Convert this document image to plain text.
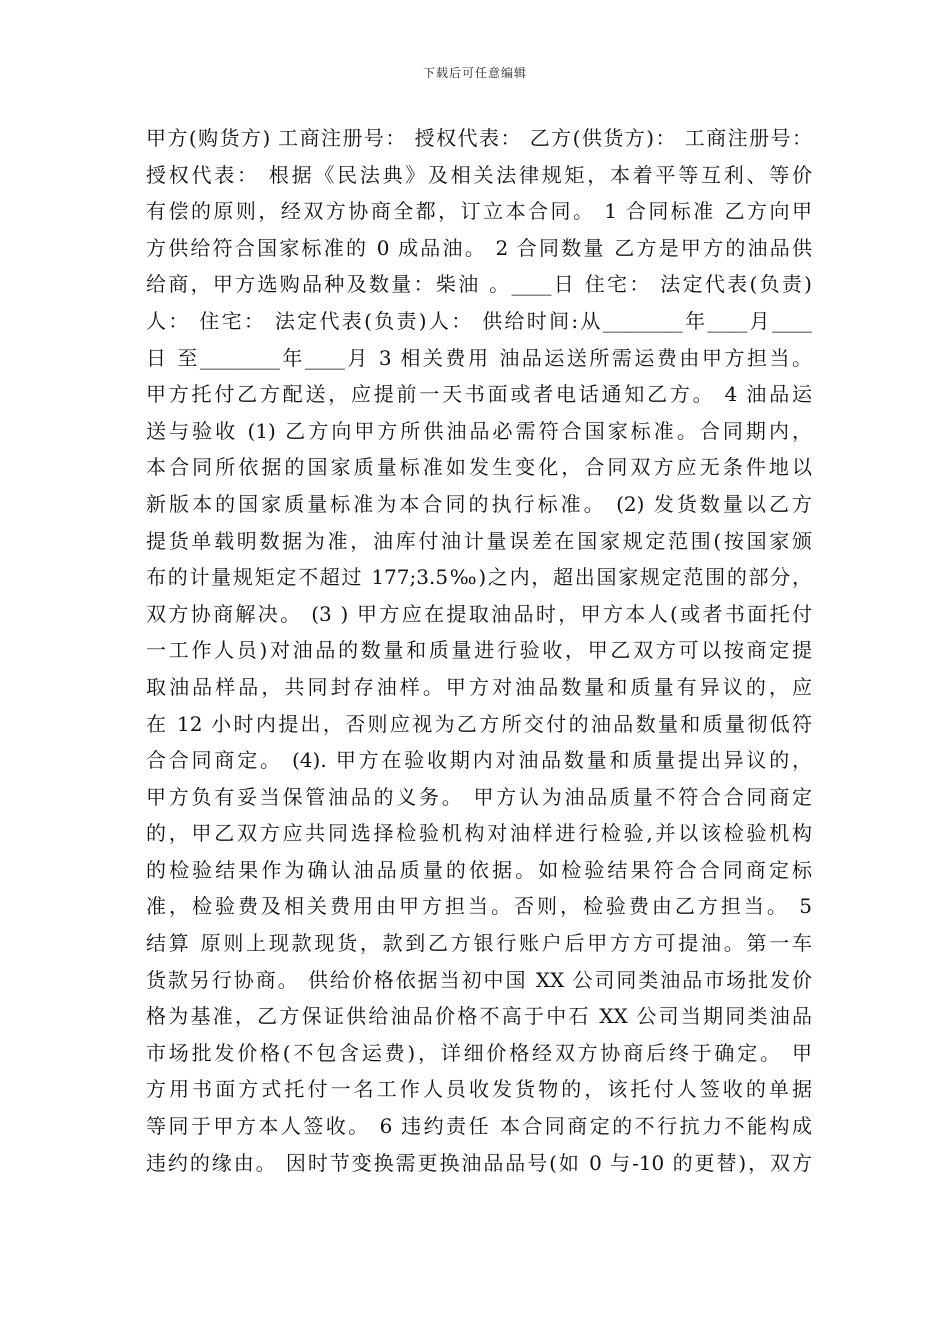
下载后可任意编辑
甲方(购货方) 工商注册号： 授权代表： 乙方(供货方)： 工商注册号：
授权代表： 根据《民法典》及相关法律规矩，本着平等互利、等价
有偿的原则，经双方协商全都，订立本合同。 1 合同标准 乙方向甲
方供给符合国家标准的 0 成品油。 2 合同数量 乙方是甲方的油品供
给商，甲方选购品种及数量：柴油 。____日 住宅： 法定代表(负责)
人： 住宅： 法定代表(负责)人： 供给时间:从________年____月____
日 至________年____月 3 相关费用 油品运送所需运费由甲方担当。
甲方托付乙方配送，应提前一天书面或者电话通知乙方。 4 油品运
送与验收 (1) 乙方向甲方所供油品必需符合国家标准。合同期内，
本合同所依据的国家质量标准如发生变化，合同双方应无条件地以
新版本的国家质量标准为本合同的执行标准。 (2) 发货数量以乙方
提货单载明数据为准，油库付油计量误差在国家规定范围(按国家颁
布的计量规矩定不超过 177;3.5‰)之内，超出国家规定范围的部分，
双方协商解决。 (3 ) 甲方应在提取油品时，甲方本人(或者书面托付
一工作人员)对油品的数量和质量进行验收，甲乙双方可以按商定提
取油品样品，共同封存油样。甲方对油品数量和质量有异议的，应
在 12 小时内提出，否则应视为乙方所交付的油品数量和质量彻低符
合合同商定。 (4). 甲方在验收期内对油品数量和质量提出异议的，
甲方负有妥当保管油品的义务。 甲方认为油品质量不符合合同商定
的，甲乙双方应共同选择检验机构对油样进行检验,并以该检验机构
的检验结果作为确认油品质量的依据。如检验结果符合合同商定标
准，检验费及相关费用由甲方担当。否则，检验费由乙方担当。 5
结算 原则上现款现货，款到乙方银行账户后甲方方可提油。第一车
货款另行协商。 供给价格依据当初中国 XX 公司同类油品市场批发价
格为基准，乙方保证供给油品价格不高于中石 XX 公司当期同类油品
市场批发价格(不包含运费)，详细价格经双方协商后终于确定。 甲
方用书面方式托付一名工作人员收发货物的，该托付人签收的单据
等同于甲方本人签收。 6 违约责任 本合同商定的不行抗力不能构成
违约的缘由。 因时节变换需更换油品品号(如 0 与-10 的更替)，双方
